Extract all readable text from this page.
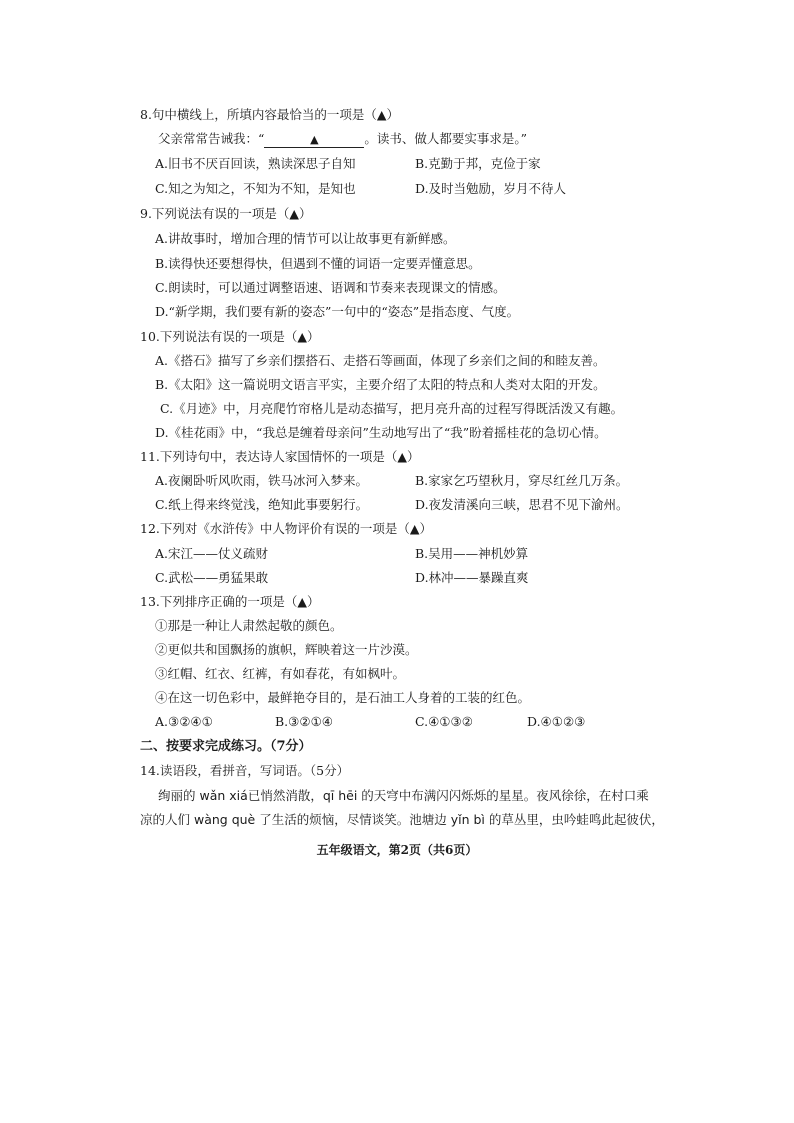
8.句中横线上，所填内容最恰当的一项是（▲）
父亲常常告诫我：“	▲	。读书、做人都要实事求是。”
A.旧书不厌百回读，熟读深思子自知	B.克勤于邦，克俭于家
C.知之为知之，不知为不知，是知也	D.及时当勉励，岁月不待人
9.下列说法有误的一项是（▲）
A.讲故事时，增加合理的情节可以让故事更有新鲜感。
B.读得快还要想得快，但遇到不懂的词语一定要弄懂意思。
C.朗读时，可以通过调整语速、语调和节奏来表现课文的情感。
D.“新学期，我们要有新的姿态”一句中的“姿态”是指态度、气度。
10.下列说法有误的一项是（▲）
A.《搭石》描写了乡亲们摆搭石、走搭石等画面，体现了乡亲们之间的和睦友善。
B.《太阳》这一篇说明文语言平实，主要介绍了太阳的特点和人类对太阳的开发。
C.《月迹》中，月亮爬竹帘格儿是动态描写，把月亮升高的过程写得既活泼又有趣。
D.《桂花雨》中，“我总是缠着母亲问”生动地写出了“我”盼着摇桂花的急切心情。
11.下列诗句中，表达诗人家国情怀的一项是（▲）
A.夜阑卧听风吹雨，铁马冰河入梦来。	B.家家乞巧望秋月，穿尽红丝几万条。
C.纸上得来终觉浅，绝知此事要躬行。	D.夜发清溪向三峡，思君不见下渝州。
12.下列对《水浒传》中人物评价有误的一项是（▲）
A.宋江——仗义疏财	B.吴用——神机妙算
C.武松——勇猛果敢	D.林冲——暴躁直爽
13.下列排序正确的一项是（▲）
①那是一种让人肃然起敬的颜色。
②更似共和国飘扬的旗帜，辉映着这一片沙漠。
③红帽、红衣、红裤，有如春花，有如枫叶。
④在这一切色彩中，最鲜艳夺目的，是石油工人身着的工装的红色。
A.③②④①	B.③②①④	C.④①③②	D.④①②③
二、按要求完成练习。（7分）
14.读语段，看拼音，写词语。（5分）
绚丽的 wǎn xiá已悄然消散，qī hēi 的天穹中布满闪闪烁烁的星星。夜风徐徐，在村口乘
凉的人们 wàng què 了生活的烦恼，尽情谈笑。池塘边 yǐn bì 的草丛里，虫吟蛙鸣此起彼伏，
五年级语文，第2页（共6页）
